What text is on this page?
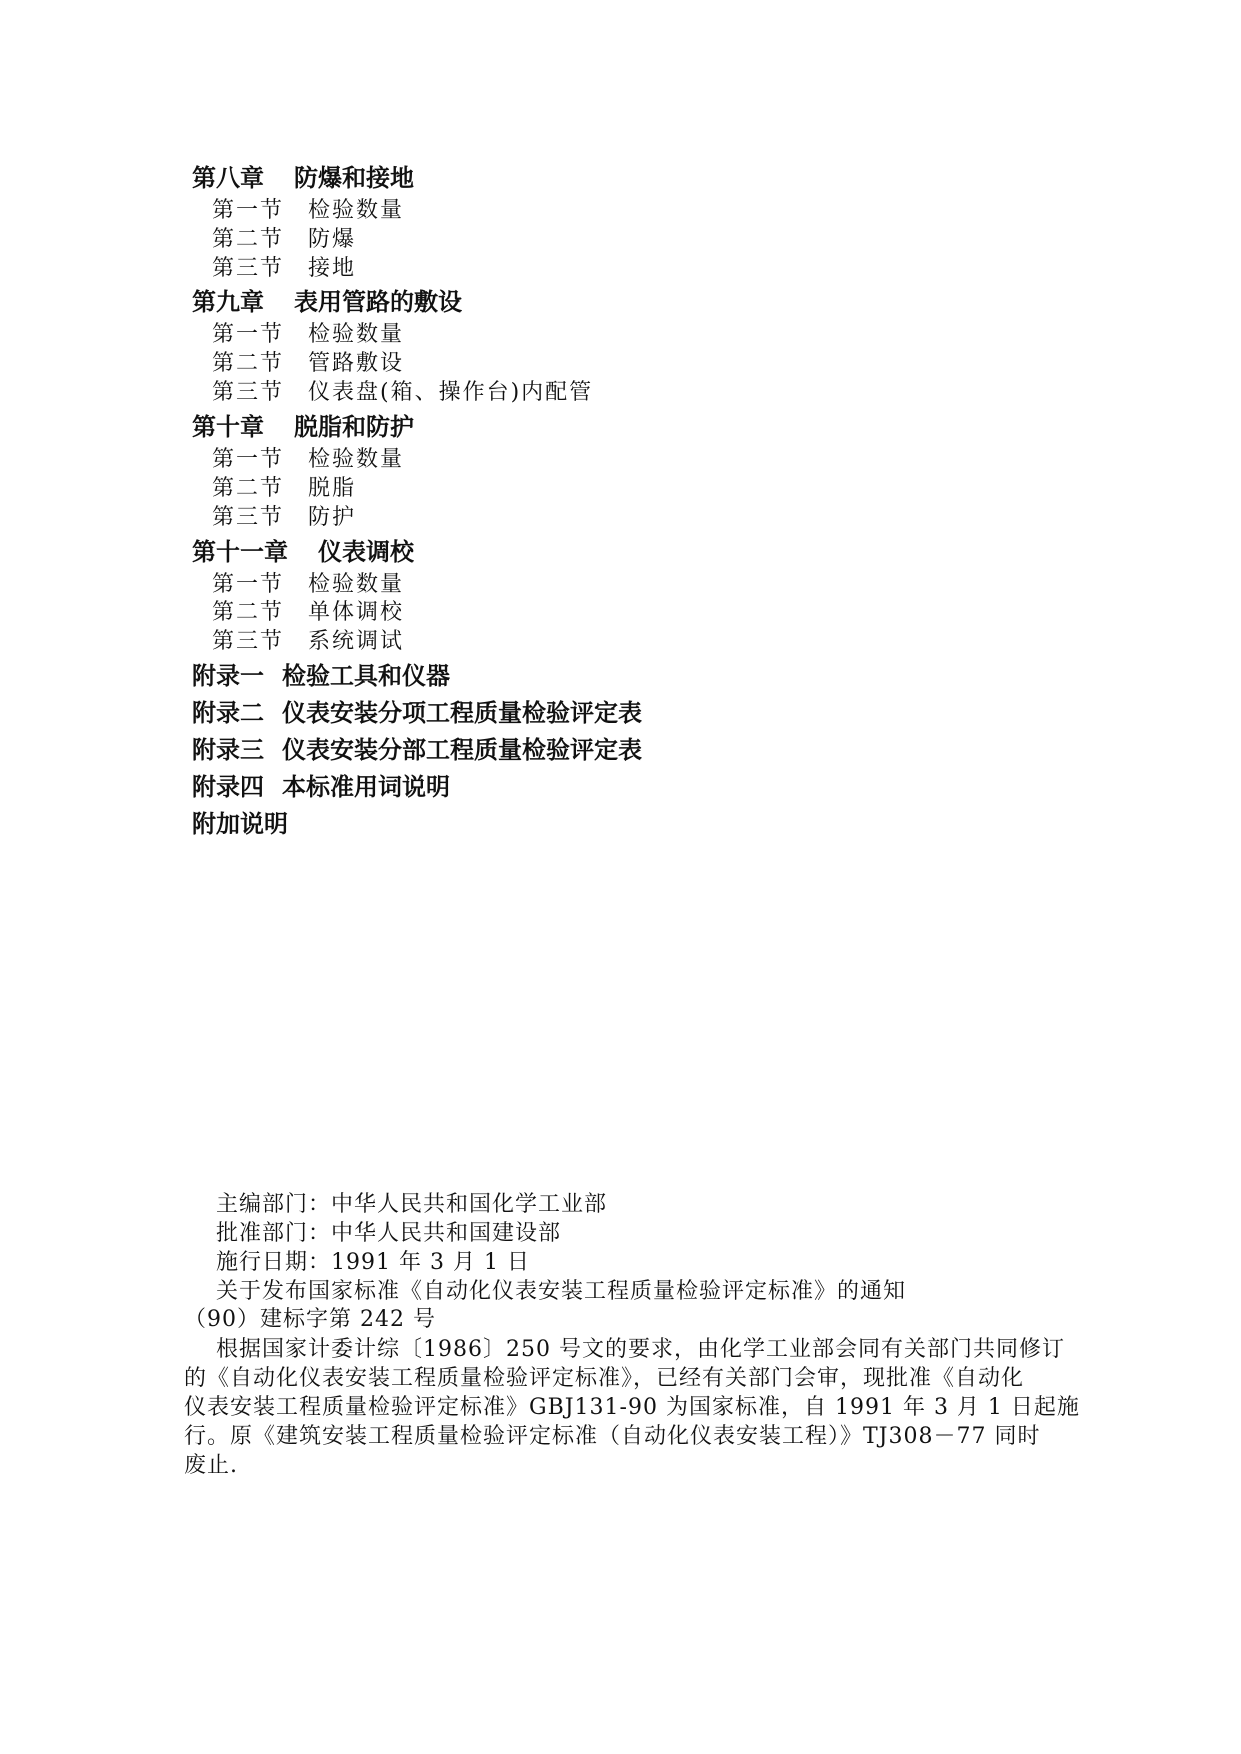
第八章 防爆和接地
第一节 检验数量
第二节 防爆
第三节 接地
第九章 表用管路的敷设
第一节 检验数量
第二节 管路敷设
第三节 仪表盘(箱、操作台)内配管
第十章 脱脂和防护
第一节 检验数量
第二节 脱脂
第三节 防护
第十一章 仪表调校
第一节 检验数量
第二节 单体调校
第三节 系统调试
附录一 检验工具和仪器
附录二 仪表安装分项工程质量检验评定表
附录三 仪表安装分部工程质量检验评定表
附录四 本标准用词说明
附加说明
主编部门：中华人民共和国化学工业部
批准部门：中华人民共和国建设部
施行日期：1991 年 3 月 1 日
关于发布国家标准《自动化仪表安装工程质量检验评定标准》的通知
（90）建标字第 242 号
根据国家计委计综〔1986〕250 号文的要求，由化学工业部会同有关部门共同修订
的《自动化仪表安装工程质量检验评定标准》，已经有关部门会审，现批准《自动化
仪表安装工程质量检验评定标准》GBJ131-90 为国家标准，自 1991 年 3 月 1 日起施
行。原《建筑安装工程质量检验评定标准（自动化仪表安装工程）》TJ308－77 同时
废止.
